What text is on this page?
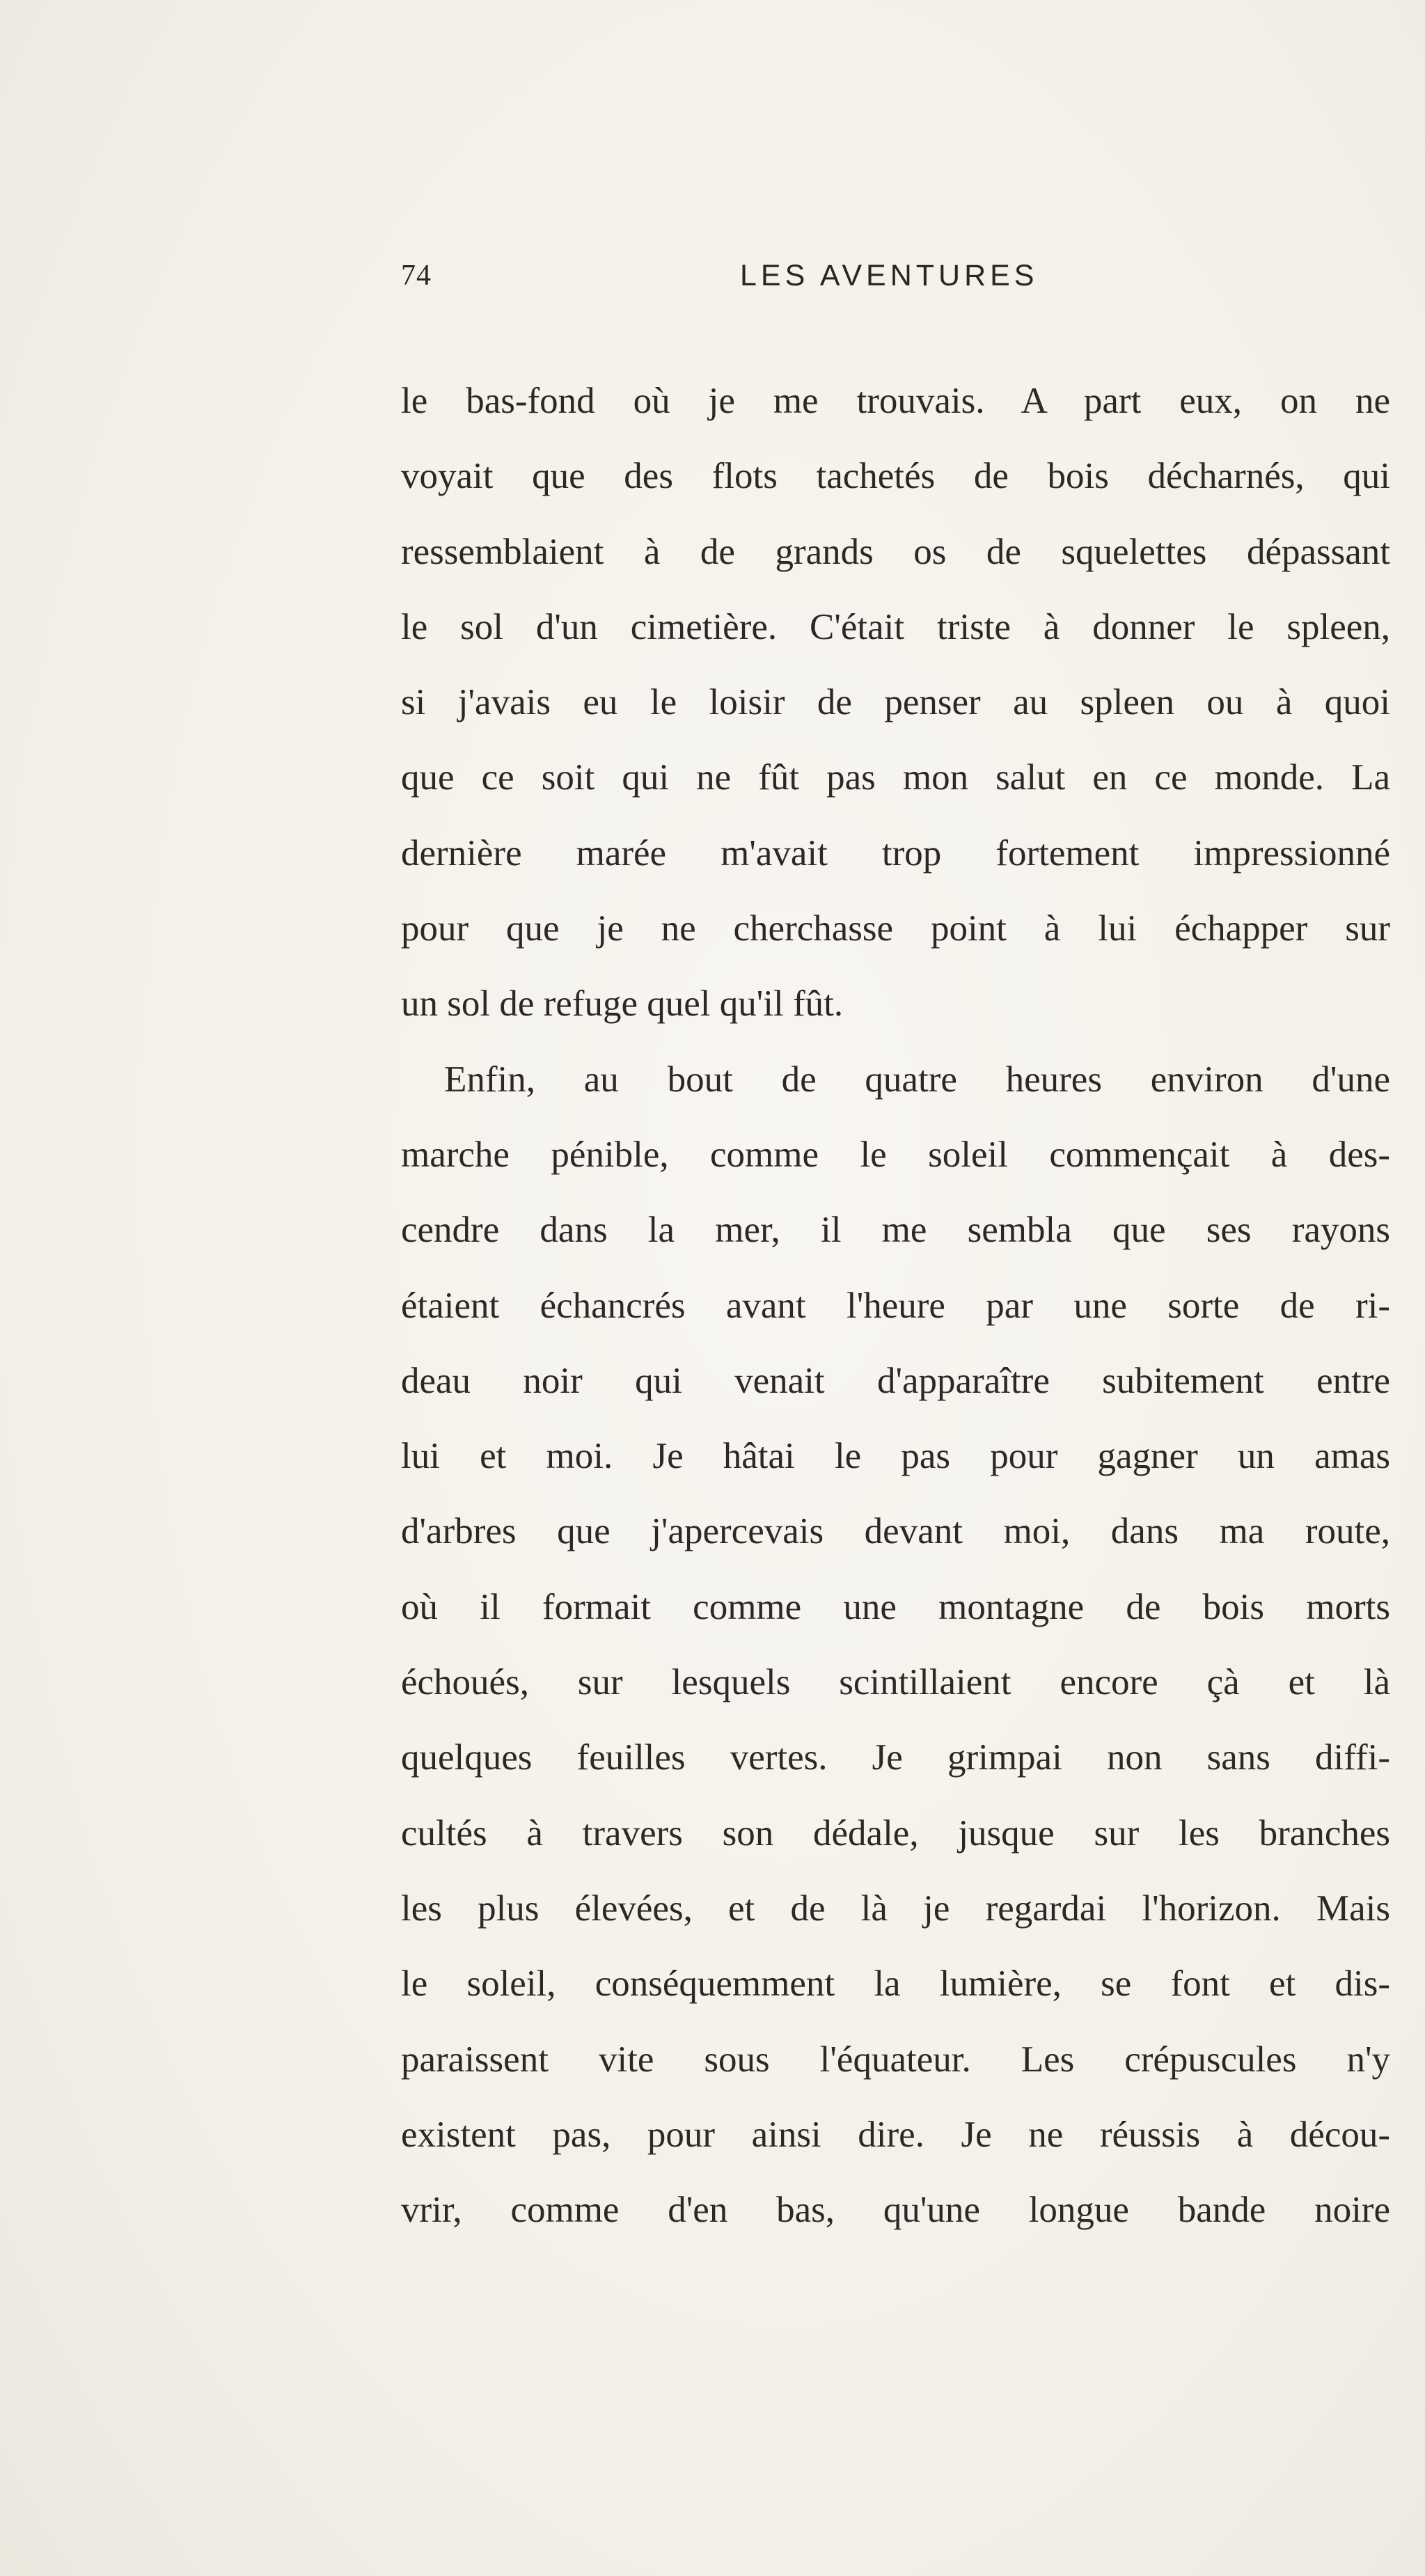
74	LES AVENTURES
le bas-fond où je me trouvais. A part eux, on ne
voyait que des flots tachetés de bois décharnés, qui
ressemblaient à de grands os de squelettes dépassant
le sol d'un cimetière. C'était triste à donner le spleen,
si j'avais eu le loisir de penser au spleen ou à quoi
que ce soit qui ne fût pas mon salut en ce monde. La
dernière marée m'avait trop fortement impressionné
pour que je ne cherchasse point à lui échapper sur
un sol de refuge quel qu'il fût.
Enfin, au bout de quatre heures environ d'une
marche pénible, comme le soleil commençait à des-
cendre dans la mer, il me sembla que ses rayons
étaient échancrés avant l'heure par une sorte de ri-
deau noir qui venait d'apparaître subitement entre
lui et moi. Je hâtai le pas pour gagner un amas
d'arbres que j'apercevais devant moi, dans ma route,
où il formait comme une montagne de bois morts
échoués, sur lesquels scintillaient encore çà et là
quelques feuilles vertes. Je grimpai non sans diffi-
cultés à travers son dédale, jusque sur les branches
les plus élevées, et de là je regardai l'horizon. Mais
le soleil, conséquemment la lumière, se font et dis-
paraissent vite sous l'équateur. Les crépuscules n'y
existent pas, pour ainsi dire. Je ne réussis à décou-
vrir, comme d'en bas, qu'une longue bande noire
